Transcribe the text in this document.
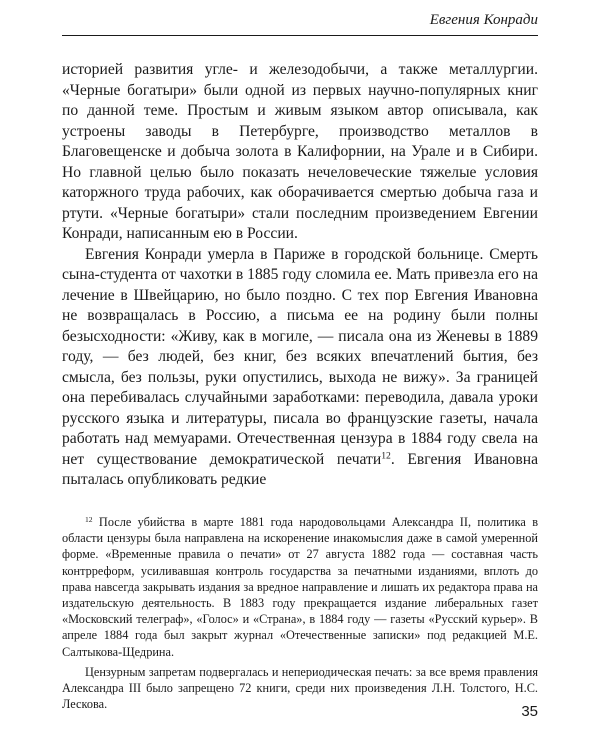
Евгения Конради

историей развития угле- и железодобычи, а также металлургии. «Черные богатыри» были одной из первых научно-популярных книг по данной теме. Простым и живым языком автор описывала, как устроены заводы в Петербурге, производство металлов в Благовещенске и добыча золота в Калифорнии, на Урале и в Сибири. Но главной целью было показать нечеловеческие тяжелые условия каторжного труда рабочих, как оборачивается смертью добыча газа и ртути. «Черные богатыри» стали последним произведением Евгении Конради, написанным ею в России.

Евгения Конради умерла в Париже в городской больнице. Смерть сына-студента от чахотки в 1885 году сломила ее. Мать привезла его на лечение в Швейцарию, но было поздно. С тех пор Евгения Ивановна не возвращалась в Россию, а письма ее на родину были полны безысходности: «Живу, как в могиле, — писала она из Женевы в 1889 году, — без людей, без книг, без всяких впечатлений бытия, без смысла, без пользы, руки опустились, выхода не вижу». За границей она перебивалась случайными заработками: переводила, давала уроки русского языка и литературы, писала во французские газеты, начала работать над мемуарами. Отечественная цензура в 1884 году свела на нет существование демократической печати$^{12}$. Евгения Ивановна пыталась опубликовать редкие

$^{12}$ После убийства в марте 1881 года народовольцами Александра II, политика в области цензуры была направлена на искоренение инакомыслия даже в самой умеренной форме. «Временные правила о печати» от 27 августа 1882 года — составная часть контрреформ, усиливавшая контроль государства за печатными изданиями, вплоть до права навсегда закрывать издания за вредное направление и лишать их редактора права на издательскую деятельность. В 1883 году прекращается издание либеральных газет «Московский телеграф», «Голос» и «Страна», в 1884 году — газеты «Русский курьер». В апреле 1884 года был закрыт журнал «Отечественные записки» под редакцией М.Е. Салтыкова-Щедрина.

Цензурным запретам подвергалась и непериодическая печать: за все время правления Александра III было запрещено 72 книги, среди них произведения Л.Н. Толстого, Н.С. Лескова.	35
